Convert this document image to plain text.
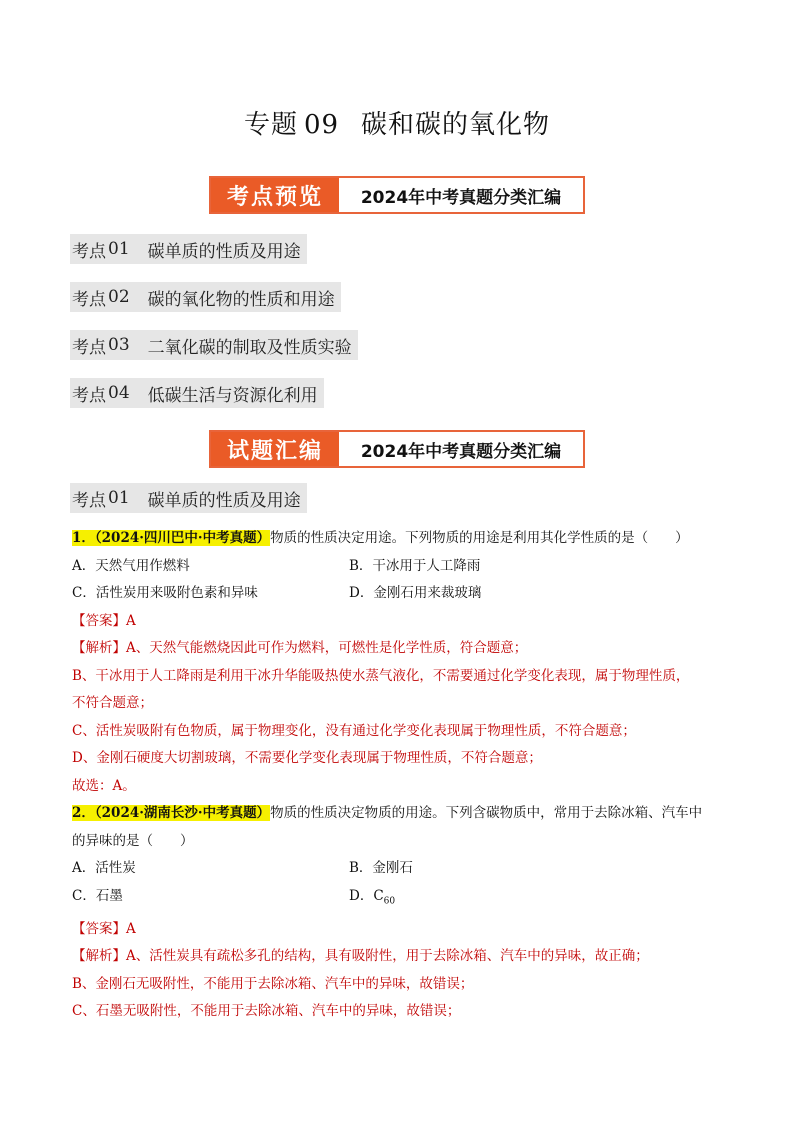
专题 09 碳和碳的氧化物
考点预览	2024年中考真题分类汇编
考点 01 碳单质的性质及用途
考点 02 碳的氧化物的性质和用途
考点 03 二氧化碳的制取及性质实验
考点 04 低碳生活与资源化利用
试题汇编	2024年中考真题分类汇编
考点 01 碳单质的性质及用途
1．（2024·四川巴中·中考真题）物质的性质决定用途。下列物质的用途是利用其化学性质的是（　　）
A．天然气用作燃料	B．干冰用于人工降雨
C．活性炭用来吸附色素和异味	D．金刚石用来裁玻璃
【答案】A
【解析】A、天然气能燃烧因此可作为燃料，可燃性是化学性质，符合题意；
B、干冰用于人工降雨是利用干冰升华能吸热使水蒸气液化，不需要通过化学变化表现，属于物理性质，
不符合题意；
C、活性炭吸附有色物质，属于物理变化，没有通过化学变化表现属于物理性质，不符合题意；
D、金刚石硬度大切割玻璃，不需要化学变化表现属于物理性质，不符合题意；
故选：A。
2．（2024·湖南长沙·中考真题）物质的性质决定物质的用途。下列含碳物质中，常用于去除冰箱、汽车中
的异味的是（　　）
A．活性炭	B．金刚石
C．石墨	D．$C_{60}$
【答案】A
【解析】A、活性炭具有疏松多孔的结构，具有吸附性，用于去除冰箱、汽车中的异味，故正确；
B、金刚石无吸附性，不能用于去除冰箱、汽车中的异味，故错误；
C、石墨无吸附性，不能用于去除冰箱、汽车中的异味，故错误；
